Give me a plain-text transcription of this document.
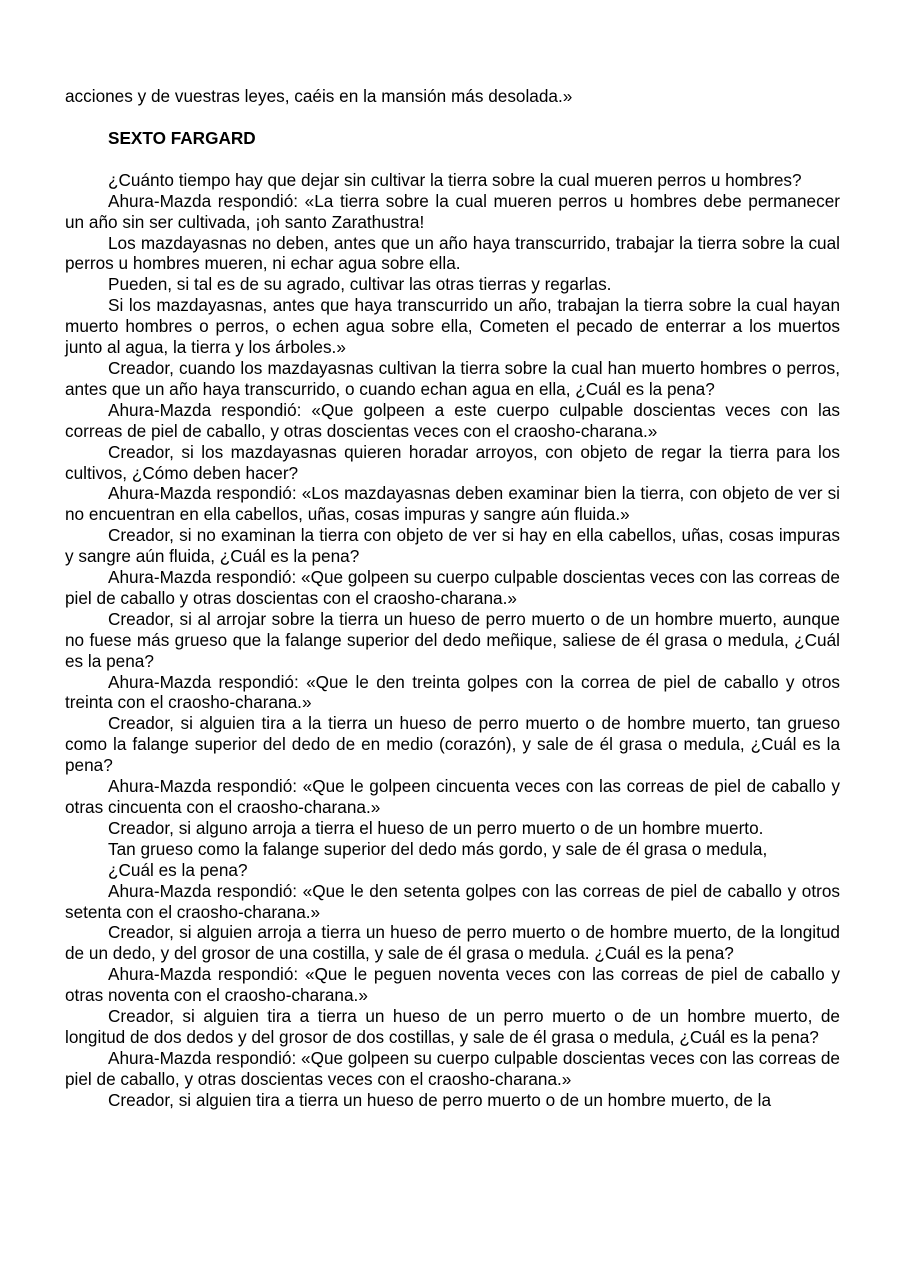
acciones y de vuestras leyes, caéis en la mansión más desolada.»

SEXTO FARGARD

¿Cuánto tiempo hay que dejar sin cultivar la tierra sobre la cual mueren perros u hombres?

Ahura-Mazda respondió: «La tierra sobre la cual mueren perros u hombres debe permanecer un año sin ser cultivada, ¡oh santo Zarathustra!

Los mazdayasnas no deben, antes que un año haya transcurrido, trabajar la tierra sobre la cual perros u hombres mueren, ni echar agua sobre ella.

Pueden, si tal es de su agrado, cultivar las otras tierras y regarlas.

Si los mazdayasnas, antes que haya transcurrido un año, trabajan la tierra sobre la cual hayan muerto hombres o perros, o echen agua sobre ella, Cometen el pecado de enterrar a los muertos junto al agua, la tierra y los árboles.»

Creador, cuando los mazdayasnas cultivan la tierra sobre la cual han muerto hombres o perros, antes que un año haya transcurrido, o cuando echan agua en ella, ¿Cuál es la pena?

Ahura-Mazda respondió: «Que golpeen a este cuerpo culpable doscientas veces con las correas de piel de caballo, y otras doscientas veces con el craosho-charana.»

Creador, si los mazdayasnas quieren horadar arroyos, con objeto de regar la tierra para los cultivos, ¿Cómo deben hacer?

Ahura-Mazda respondió: «Los mazdayasnas deben examinar bien la tierra, con objeto de ver si no encuentran en ella cabellos, uñas, cosas impuras y sangre aún fluida.»

Creador, si no examinan la tierra con objeto de ver si hay en ella cabellos, uñas, cosas impuras y sangre aún fluida, ¿Cuál es la pena?

Ahura-Mazda respondió: «Que golpeen su cuerpo culpable doscientas veces con las correas de piel de caballo y otras doscientas con el craosho-charana.»

Creador, si al arrojar sobre la tierra un hueso de perro muerto o de un hombre muerto, aunque no fuese más grueso que la falange superior del dedo meñique, saliese de él grasa o medula, ¿Cuál es la pena?

Ahura-Mazda respondió: «Que le den treinta golpes con la correa de piel de caballo y otros treinta con el craosho-charana.»

Creador, si alguien tira a la tierra un hueso de perro muerto o de hombre muerto, tan grueso como la falange superior del dedo de en medio (corazón), y sale de él grasa o medula, ¿Cuál es la pena?

Ahura-Mazda respondió: «Que le golpeen cincuenta veces con las correas de piel de caballo y otras cincuenta con el craosho-charana.»

Creador, si alguno arroja a tierra el hueso de un perro muerto o de un hombre muerto.

Tan grueso como la falange superior del dedo más gordo, y sale de él grasa o medula,

¿Cuál es la pena?

Ahura-Mazda respondió: «Que le den setenta golpes con las correas de piel de caballo y otros setenta con el craosho-charana.»

Creador, si alguien arroja a tierra un hueso de perro muerto o de hombre muerto, de la longitud de un dedo, y del grosor de una costilla, y sale de él grasa o medula. ¿Cuál es la pena?

Ahura-Mazda respondió: «Que le peguen noventa veces con las correas de piel de caballo y otras noventa con el craosho-charana.»

Creador, si alguien tira a tierra un hueso de un perro muerto o de un hombre muerto, de longitud de dos dedos y del grosor de dos costillas, y sale de él grasa o medula, ¿Cuál es la pena?

Ahura-Mazda respondió: «Que golpeen su cuerpo culpable doscientas veces con las correas de piel de caballo, y otras doscientas veces con el craosho-charana.»

Creador, si alguien tira a tierra un hueso de perro muerto o de un hombre muerto, de la
